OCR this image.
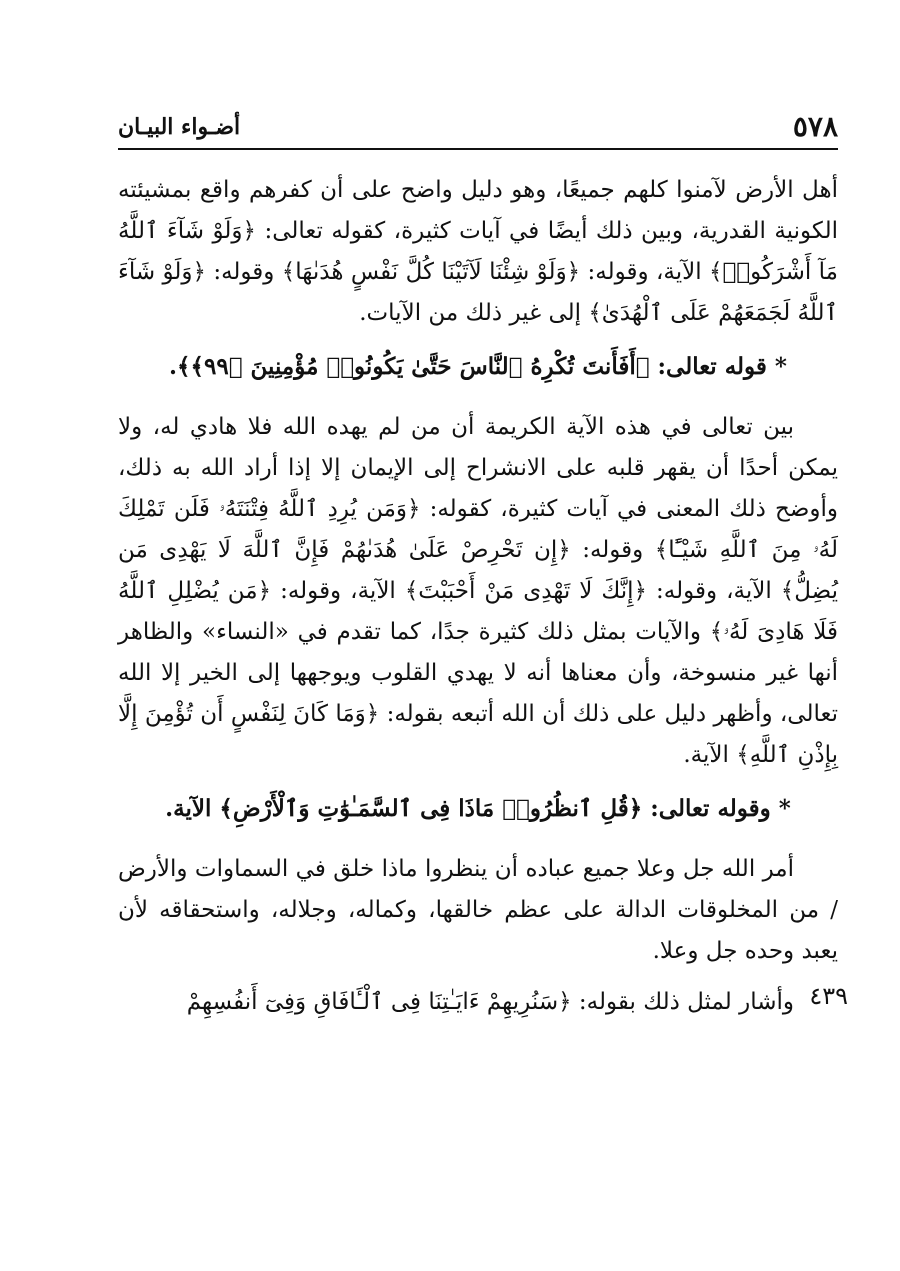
٥٧٨
أضـواء البيـان

أهل الأرض لآمنوا كلهم جميعًا، وهو دليل واضح على أن كفرهم واقع بمشيئته الكونية القدرية، وبين ذلك أيضًا في آيات كثيرة، كقوله تعالى: ﴿وَلَوْ شَآءَ ٱللَّهُ مَآ أَشْرَكُوا۟﴾ الآية، وقوله: ﴿وَلَوْ شِئْنَا لَآتَيْنَا كُلَّ نَفْسٍ هُدَىٰهَا﴾ وقوله: ﴿وَلَوْ شَآءَ ٱللَّهُ لَجَمَعَهُمْ عَلَى ٱلْهُدَىٰ﴾ إلى غير ذلك من الآيات.

* قوله تعالى: ﴿أَفَأَنتَ تُكْرِهُ ٱلنَّاسَ حَتَّىٰ يَكُونُوا۟ مُؤْمِنِينَ ﴿٩٩﴾﴾.

بين تعالى في هذه الآية الكريمة أن من لم يهده الله فلا هادي له، ولا يمكن أحدًا أن يقهر قلبه على الانشراح إلى الإيمان إلا إذا أراد الله به ذلك، وأوضح ذلك المعنى في آيات كثيرة، كقوله: ﴿وَمَن يُرِدِ ٱللَّهُ فِتْنَتَهُۥ فَلَن تَمْلِكَ لَهُۥ مِنَ ٱللَّهِ شَيْـًٔا﴾ وقوله: ﴿إِن تَحْرِصْ عَلَىٰ هُدَىٰهُمْ فَإِنَّ ٱللَّهَ لَا يَهْدِى مَن يُضِلُّ﴾ الآية، وقوله: ﴿إِنَّكَ لَا تَهْدِى مَنْ أَحْبَبْتَ﴾ الآية، وقوله: ﴿مَن يُضْلِلِ ٱللَّهُ فَلَا هَادِىَ لَهُۥ﴾ والآيات بمثل ذلك كثيرة جدًا، كما تقدم في «النساء» والظاهر أنها غير منسوخة، وأن معناها أنه لا يهدي القلوب ويوجهها إلى الخير إلا الله تعالى، وأظهر دليل على ذلك أن الله أتبعه بقوله: ﴿وَمَا كَانَ لِنَفْسٍ أَن تُؤْمِنَ إِلَّا بِإِذْنِ ٱللَّهِ﴾ الآية.

* وقوله تعالى: ﴿قُلِ ٱنظُرُوا۟ مَاذَا فِى ٱلسَّمَـٰوَٰتِ وَٱلْأَرْضِ﴾ الآية.

أمر الله جل وعلا جميع عباده أن ينظروا ماذا خلق في السماوات والأرض / من المخلوقات الدالة على عظم خالقها، وكماله، وجلاله، واستحقاقه لأن يعبد وحده جل وعلا.

وأشار لمثل ذلك بقوله: ﴿سَنُرِيهِمْ ءَايَـٰتِنَا فِى ٱلْـَٔافَاقِ وَفِىٓ أَنفُسِهِمْ ٤٣٩
